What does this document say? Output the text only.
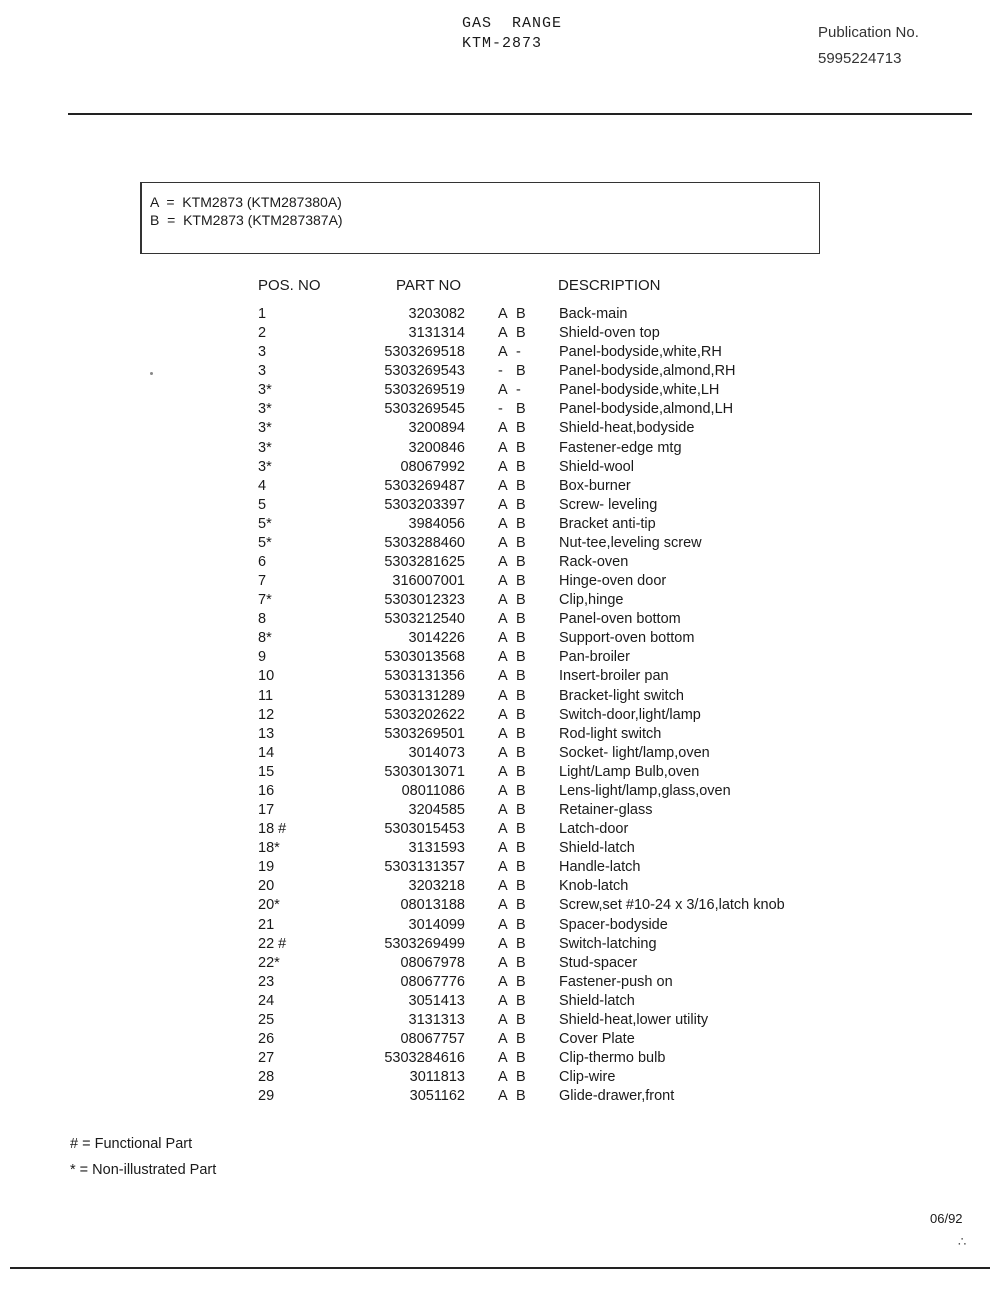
GAS  RANGE
KTM-2873
Publication No.
5995224713
A  =  KTM2873 (KTM287380A)
B  =  KTM2873 (KTM287387A)
POS. NO	PART NO	DESCRIPTION
1	3203082 A B Back-main
2	3131314 A B Shield-oven top
3	5303269518 A -	Panel-bodyside,white,RH
3	5303269543 - B Panel-bodyside,almond,RH
3*	5303269519 A -	Panel-bodyside,white,LH
3*	5303269545 - B Panel-bodyside,almond,LH
3*	3200894 A B Shield-heat,bodyside
3*	3200846 A B Fastener-edge mtg
3*	08067992 A B Shield-wool
4	5303269487 A B Box-burner
5	5303203397 A B Screw- leveling
5*	3984056 A B Bracket anti-tip
5*	5303288460 A B Nut-tee,leveling screw
6	5303281625 A B Rack-oven
7	316007001 A B Hinge-oven door
7*	5303012323 A B Clip,hinge
8	5303212540 A B Panel-oven bottom
8*	3014226 A B Support-oven bottom
9	5303013568 A B Pan-broiler
10	5303131356 A B Insert-broiler pan
11	5303131289 A B Bracket-light switch
12	5303202622 A B Switch-door,light/lamp
13	5303269501 A B Rod-light switch
14	3014073 A B Socket- light/lamp,oven
15	5303013071 A B Light/Lamp Bulb,oven
16	08011086 A B Lens-light/lamp,glass,oven
17	3204585 A B Retainer-glass
18 #	5303015453 A B Latch-door
18*	3131593 A B Shield-latch
19	5303131357 A B Handle-latch
20	3203218 A B Knob-latch
20*	08013188 A B Screw,set #10-24 x 3/16,latch knob
21	3014099 A B Spacer-bodyside
22 #	5303269499 A B Switch-latching
22*	08067978 A B Stud-spacer
23	08067776 A B Fastener-push on
24	3051413 A B Shield-latch
25	3131313 A B Shield-heat,lower utility
26	08067757 A B Cover Plate
27	5303284616 A B Clip-thermo bulb
28	3011813 A B Clip-wire
29	3051162 A B Glide-drawer,front
# = Functional Part
* = Non-illustrated Part
06/92
∴
